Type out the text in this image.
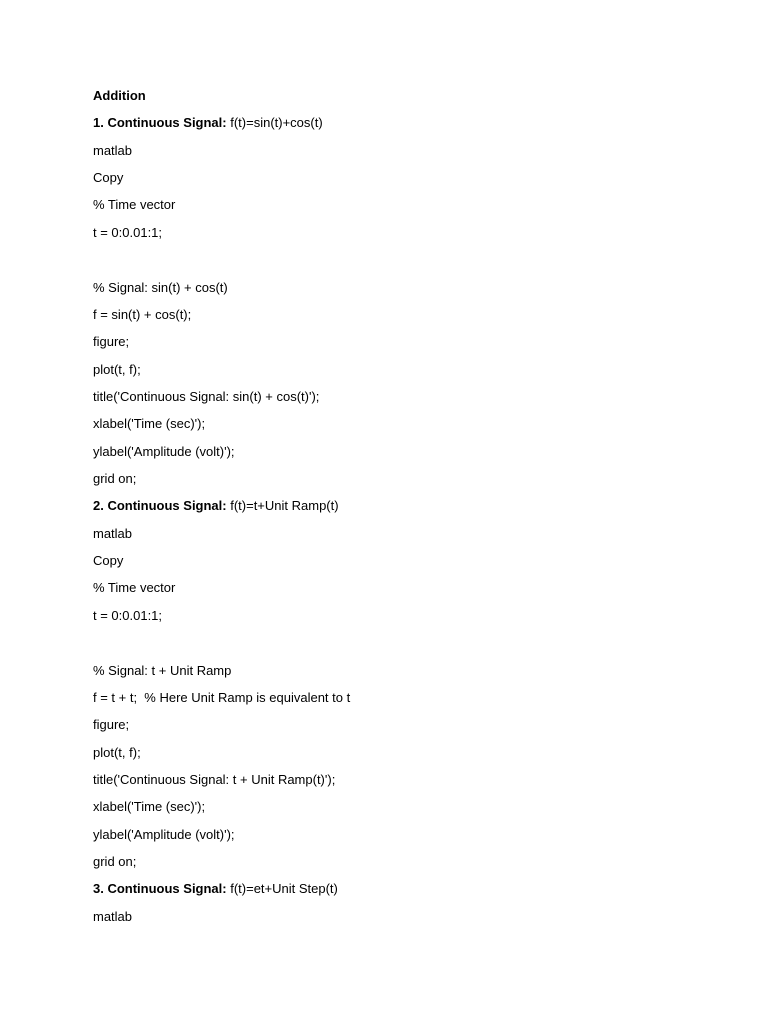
Addition
1. Continuous Signal: f(t)=sin(t)+cos(t)
matlab
Copy
% Time vector
t = 0:0.01:1;
% Signal: sin(t) + cos(t)
f = sin(t) + cos(t);
figure;
plot(t, f);
title('Continuous Signal: sin(t) + cos(t)');
xlabel('Time (sec)');
ylabel('Amplitude (volt)');
grid on;
2. Continuous Signal: f(t)=t+Unit Ramp(t)
matlab
Copy
% Time vector
t = 0:0.01:1;
% Signal: t + Unit Ramp
f = t + t;  % Here Unit Ramp is equivalent to t
figure;
plot(t, f);
title('Continuous Signal: t + Unit Ramp(t)');
xlabel('Time (sec)');
ylabel('Amplitude (volt)');
grid on;
3. Continuous Signal: f(t)=et+Unit Step(t)
matlab
